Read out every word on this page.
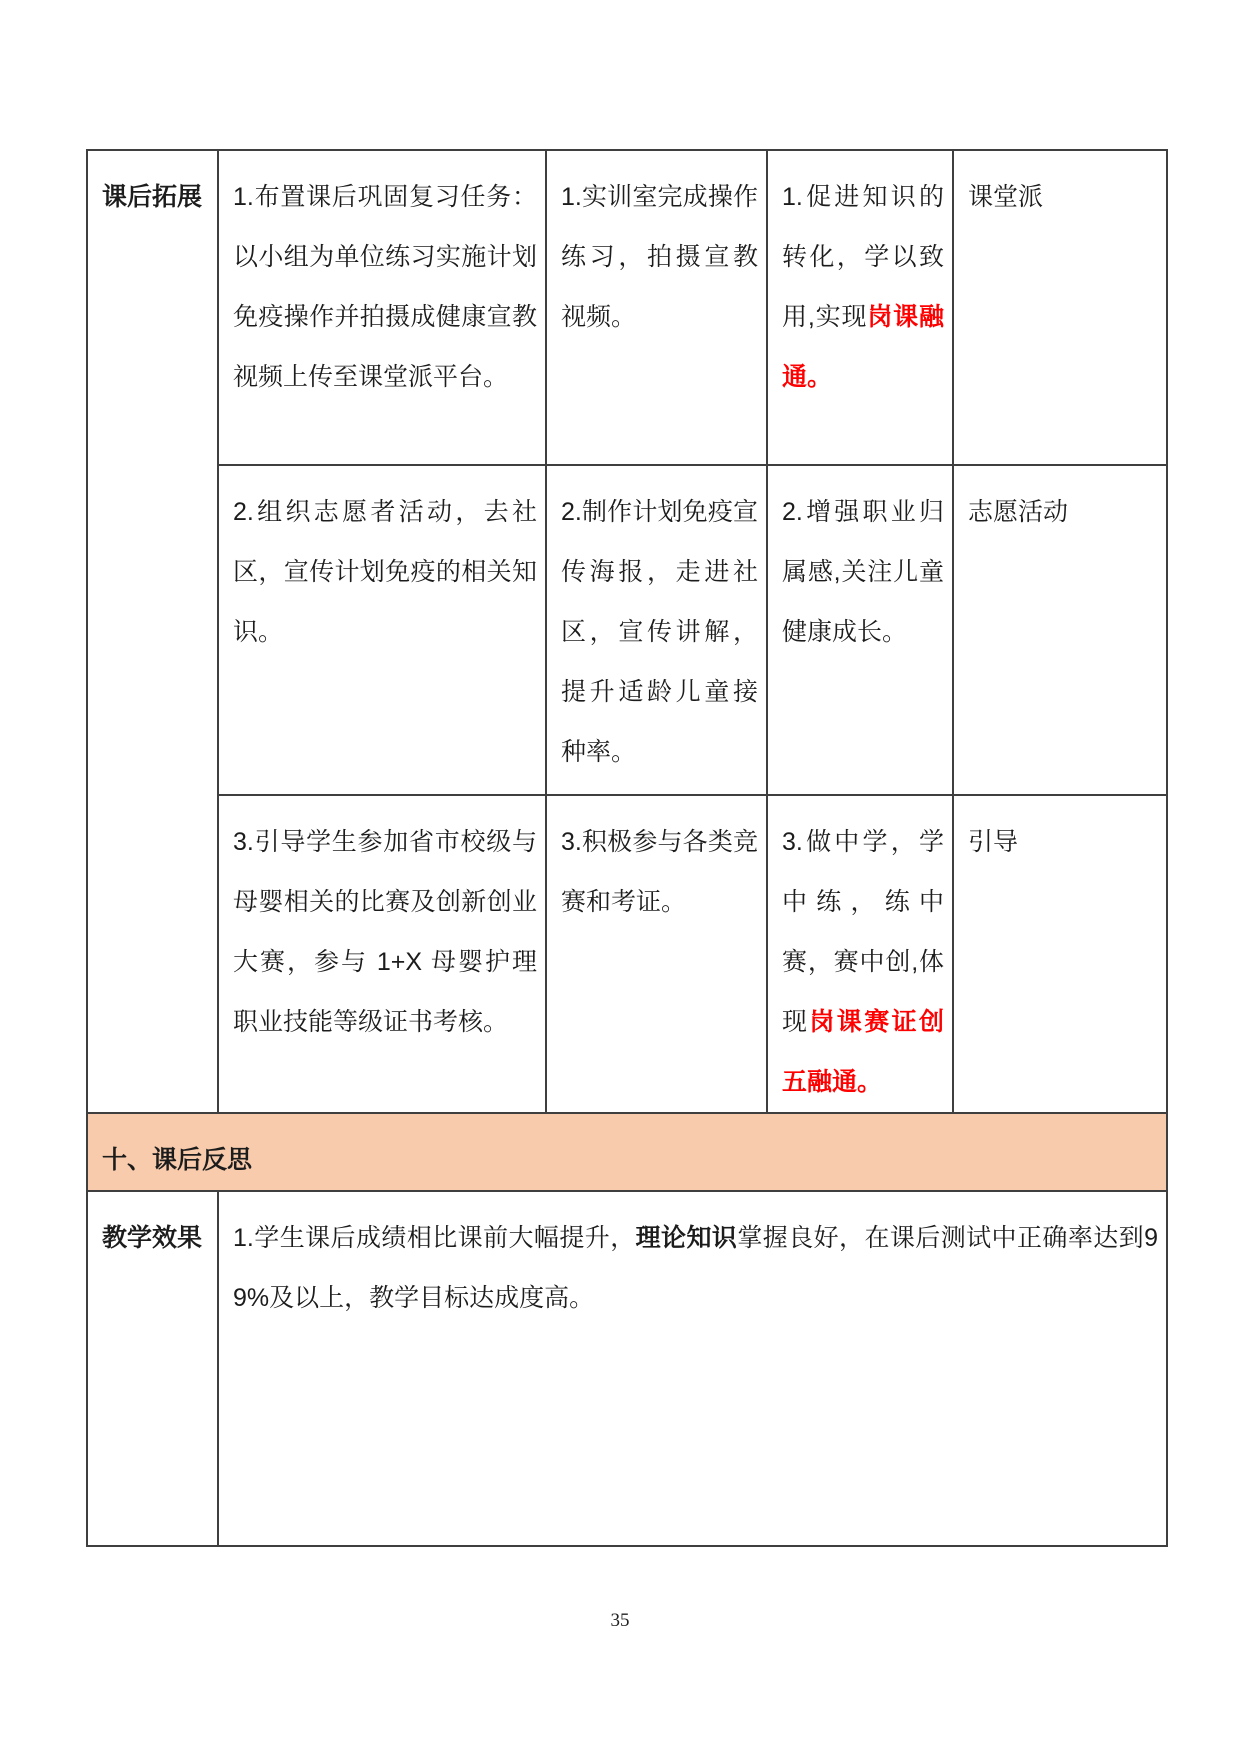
课后拓展	1.布置课后巩固复习任务：以小组为单位练习实施计划免疫操作并拍摄成健康宣教视频上传至课堂派平台。	1.实训室完成操作练习，拍摄宣教视频。	1.促进知识的转化，学以致用,实现岗课融通。	课堂派
	2.组织志愿者活动，去社区，宣传计划免疫的相关知识。	2.制作计划免疫宣传海报，走进社区，宣传讲解，提升适龄儿童接种率。	2.增强职业归属感,关注儿童健康成长。	志愿活动
	3.引导学生参加省市校级与母婴相关的比赛及创新创业大赛，参与 1+X 母婴护理职业技能等级证书考核。	3.积极参与各类竞赛和考证。	3.做中学，学中练，练中赛，赛中创,体现岗课赛证创五融通。	引导
十、课后反思				
教学效果	1.学生课后成绩相比课前大幅提升，理论知识掌握良好，在课后测试中正确率达到99%及以上，教学目标达成度高。			
35
